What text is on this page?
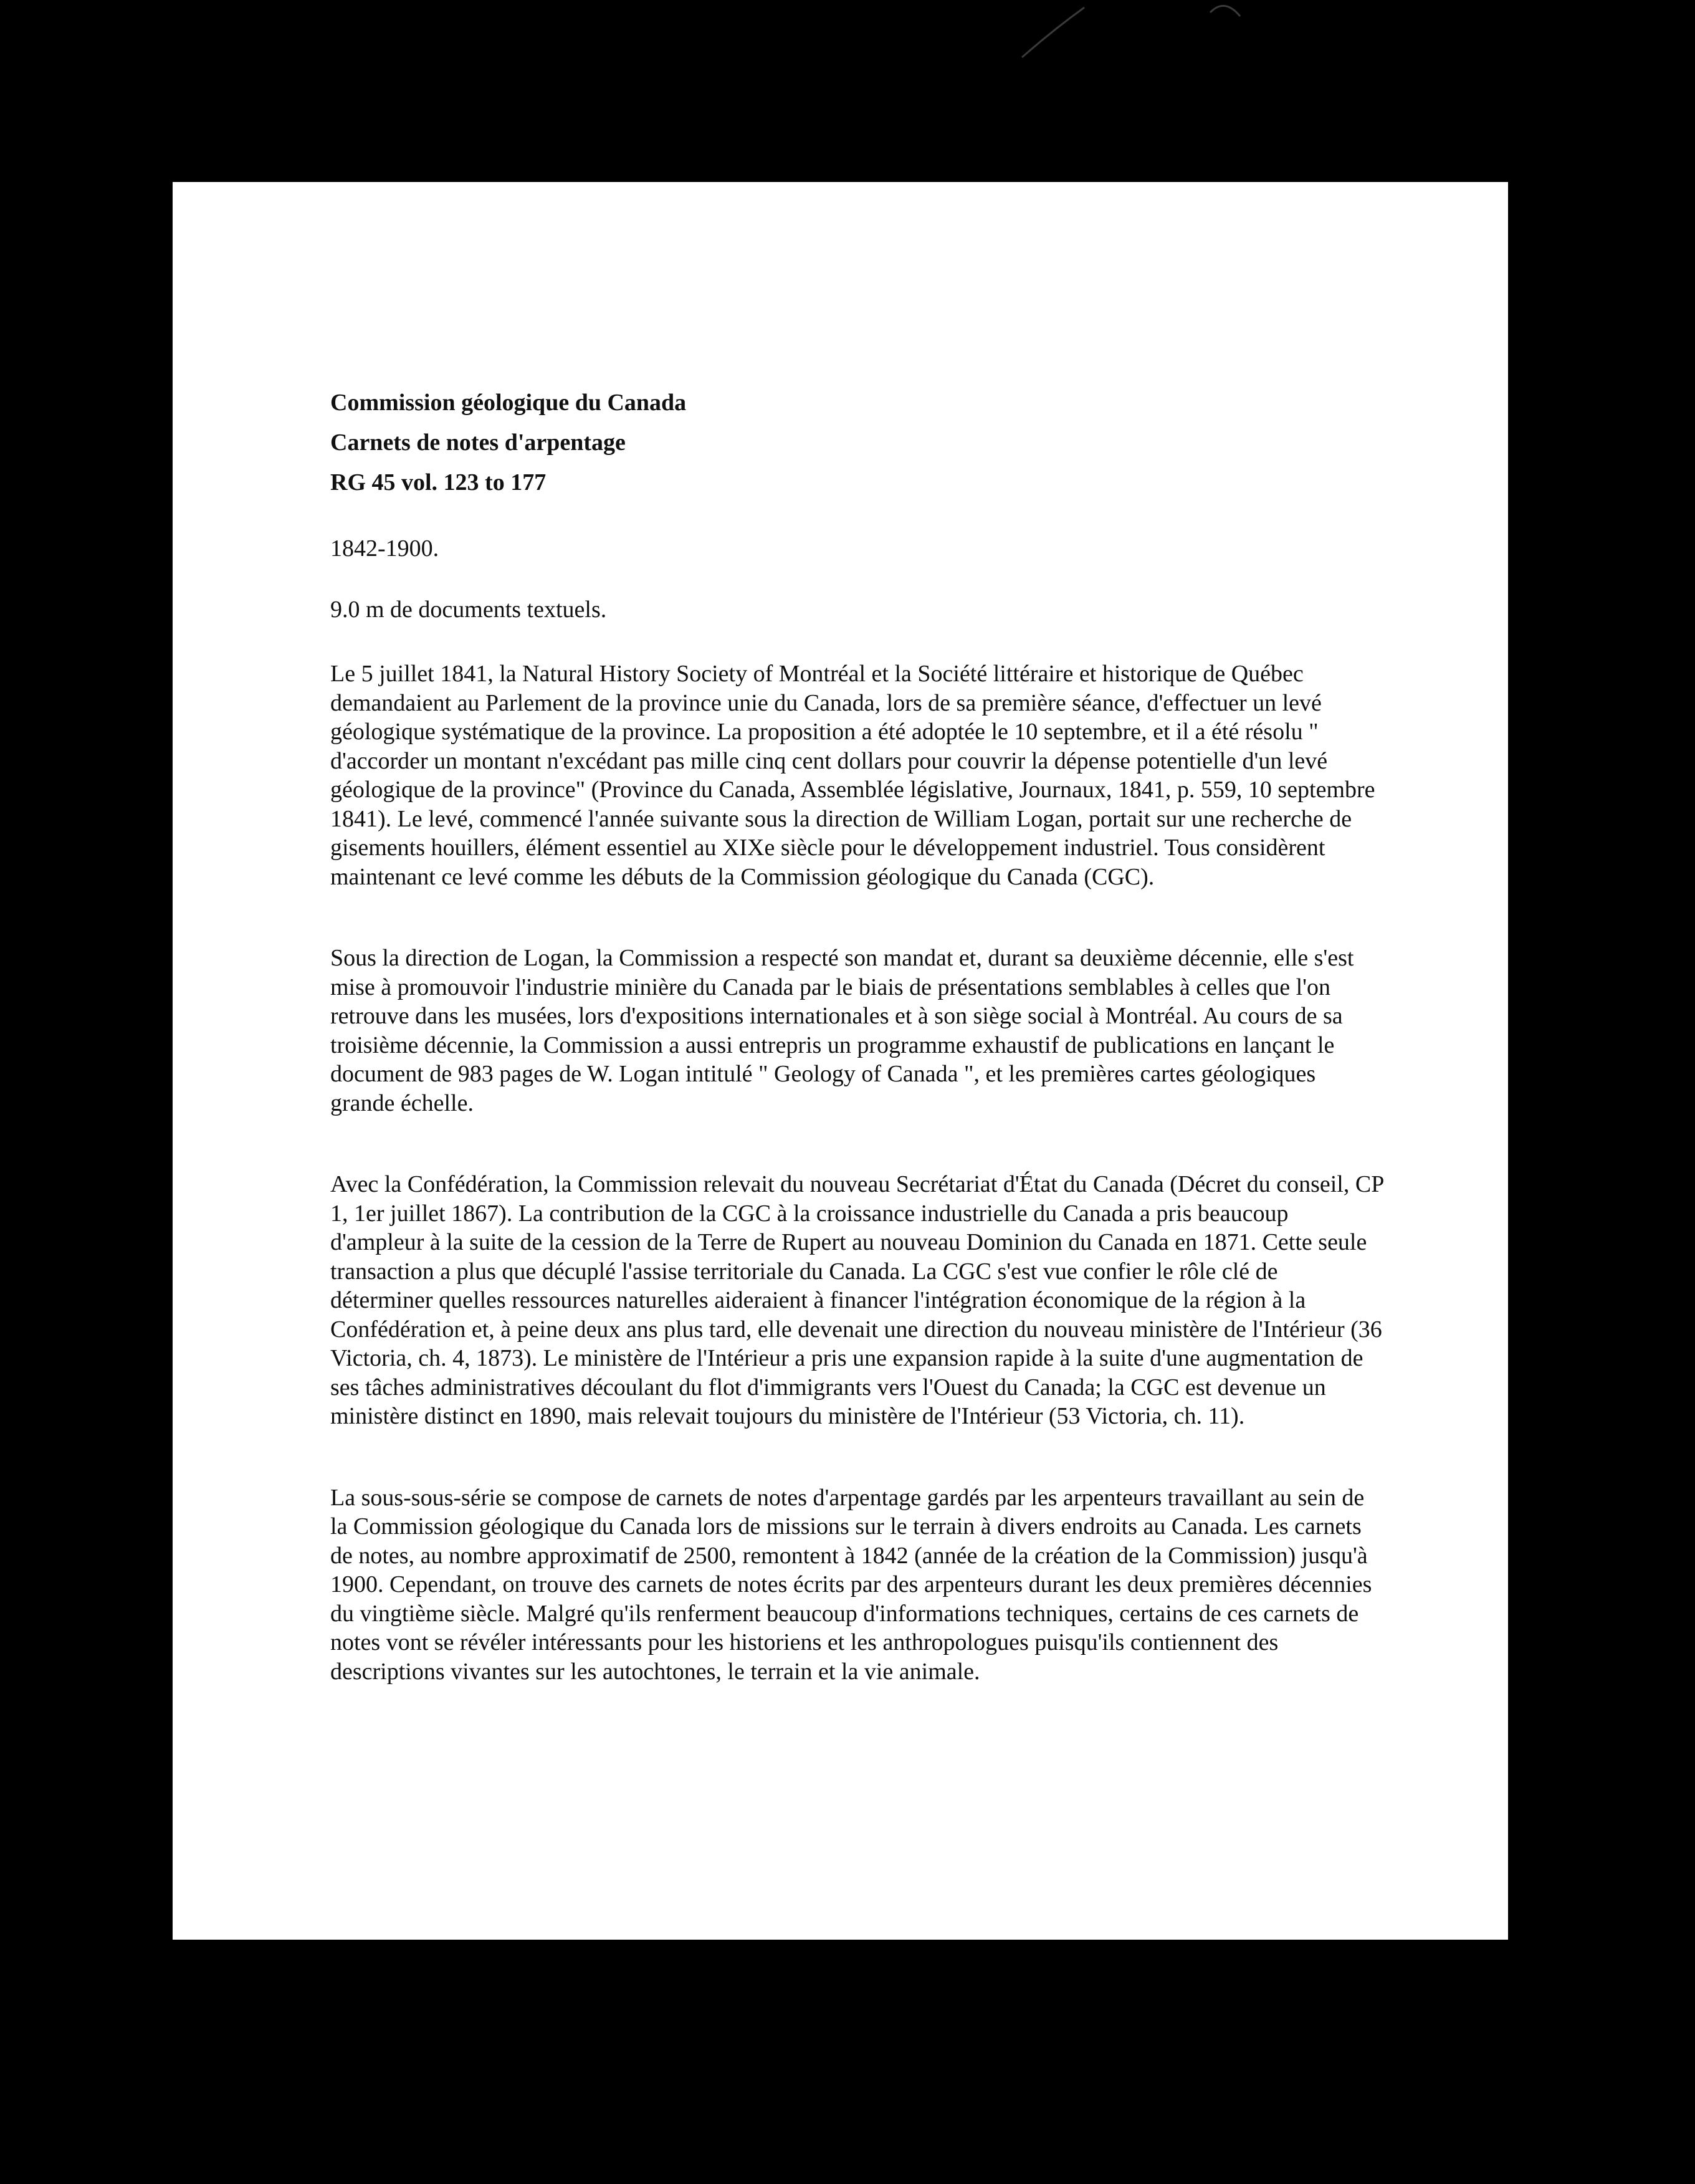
Commission géologique du Canada

Carnets de notes d'arpentage

RG 45 vol. 123 to 177

1842-1900.

9.0 m de documents textuels.

Le 5 juillet 1841, la Natural History Society of Montréal et la Société littéraire et historique de Québec demandaient au Parlement de la province unie du Canada, lors de sa première séance, d'effectuer un levé géologique systématique de la province. La proposition a été adoptée le 10 septembre, et il a été résolu " d'accorder un montant n'excédant pas mille cinq cent dollars pour couvrir la dépense potentielle d'un levé géologique de la province" (Province du Canada, Assemblée législative, Journaux, 1841, p. 559, 10 septembre 1841). Le levé, commencé l'année suivante sous la direction de William Logan, portait sur une recherche de gisements houillers, élément essentiel au XIXe siècle pour le développement industriel. Tous considèrent maintenant ce levé comme les débuts de la Commission géologique du Canada (CGC).

Sous la direction de Logan, la Commission a respecté son mandat et, durant sa deuxième décennie, elle s'est mise à promouvoir l'industrie minière du Canada par le biais de présentations semblables à celles que l'on retrouve dans les musées, lors d'expositions internationales et à son siège social à Montréal. Au cours de sa troisième décennie, la Commission a aussi entrepris un programme exhaustif de publications en lançant le document de 983 pages de W. Logan intitulé " Geology of Canada ", et les premières cartes géologiques grande échelle.

Avec la Confédération, la Commission relevait du nouveau Secrétariat d'État du Canada (Décret du conseil, CP 1, 1er juillet 1867). La contribution de la CGC à la croissance industrielle du Canada a pris beaucoup d'ampleur à la suite de la cession de la Terre de Rupert au nouveau Dominion du Canada en 1871. Cette seule transaction a plus que décuplé l'assise territoriale du Canada. La CGC s'est vue confier le rôle clé de déterminer quelles ressources naturelles aideraient à financer l'intégration économique de la région à la Confédération et, à peine deux ans plus tard, elle devenait une direction du nouveau ministère de l'Intérieur (36 Victoria, ch. 4, 1873). Le ministère de l'Intérieur a pris une expansion rapide à la suite d'une augmentation de ses tâches administratives découlant du flot d'immigrants vers l'Ouest du Canada; la CGC est devenue un ministère distinct en 1890, mais relevait toujours du ministère de l'Intérieur (53 Victoria, ch. 11).

La sous-sous-série se compose de carnets de notes d'arpentage gardés par les arpenteurs travaillant au sein de la Commission géologique du Canada lors de missions sur le terrain à divers endroits au Canada. Les carnets de notes, au nombre approximatif de 2500, remontent à 1842 (année de la création de la Commission) jusqu'à 1900. Cependant, on trouve des carnets de notes écrits par des arpenteurs durant les deux premières décennies du vingtième siècle. Malgré qu'ils renferment beaucoup d'informations techniques, certains de ces carnets de notes vont se révéler intéressants pour les historiens et les anthropologues puisqu'ils contiennent des descriptions vivantes sur les autochtones, le terrain et la vie animale.
